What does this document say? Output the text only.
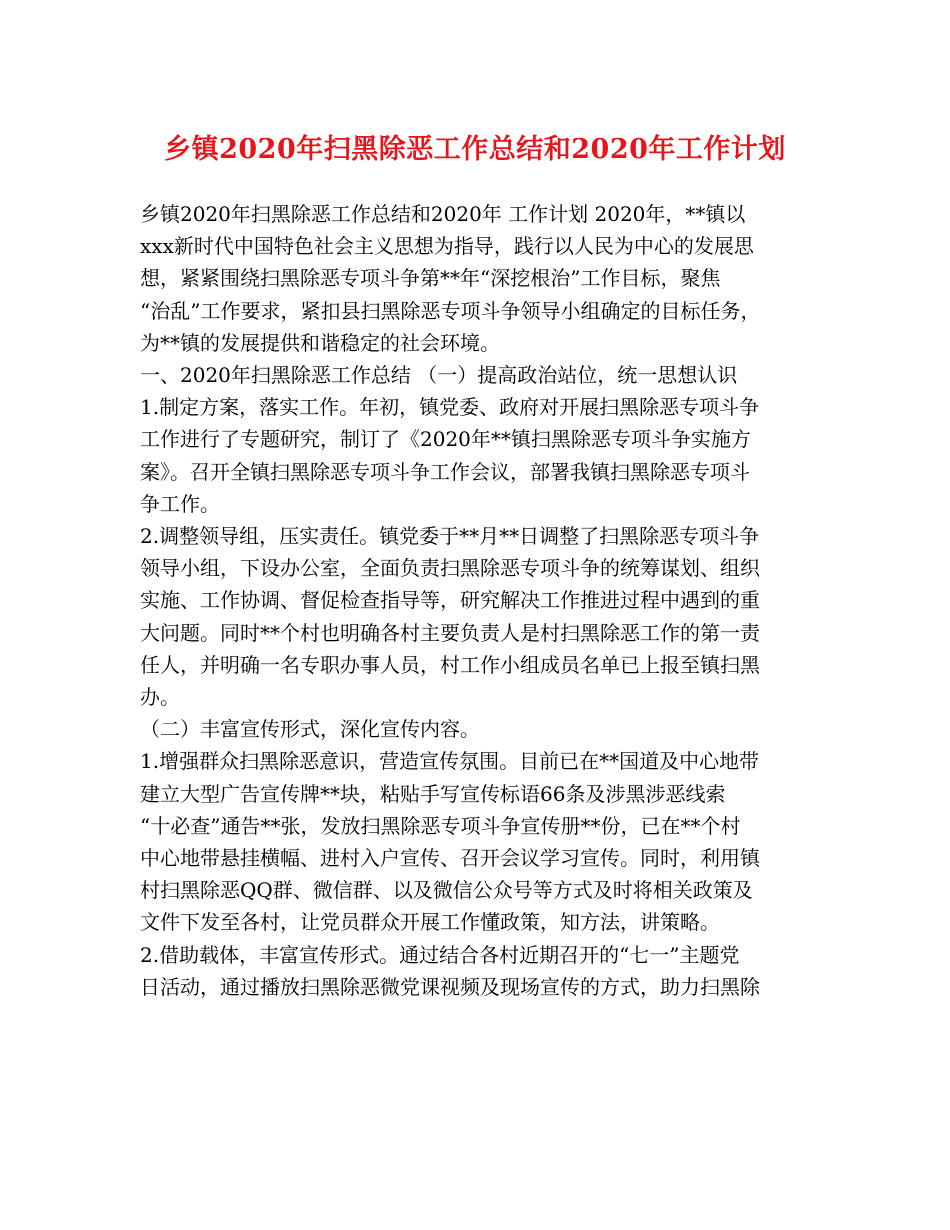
乡镇2020年扫黑除恶工作总结和2020年工作计划
乡镇2020年扫黑除恶工作总结和2020年 工作计划 2020年，**镇以
xxx新时代中国特色社会主义思想为指导，践行以人民为中心的发展思
想，紧紧围绕扫黑除恶专项斗争第**年“深挖根治”工作目标，聚焦
“治乱”工作要求，紧扣县扫黑除恶专项斗争领导小组确定的目标任务，
为**镇的发展提供和谐稳定的社会环境。
一、2020年扫黑除恶工作总结 （一）提高政治站位，统一思想认识
1.制定方案，落实工作。年初，镇党委、政府对开展扫黑除恶专项斗争
工作进行了专题研究，制订了《2020年**镇扫黑除恶专项斗争实施方
案》。召开全镇扫黑除恶专项斗争工作会议，部署我镇扫黑除恶专项斗
争工作。
2.调整领导组，压实责任。镇党委于**月**日调整了扫黑除恶专项斗争
领导小组，下设办公室，全面负责扫黑除恶专项斗争的统筹谋划、组织
实施、工作协调、督促检查指导等，研究解决工作推进过程中遇到的重
大问题。同时**个村也明确各村主要负责人是村扫黑除恶工作的第一责
任人，并明确一名专职办事人员，村工作小组成员名单已上报至镇扫黑
办。
（二）丰富宣传形式，深化宣传内容。
1.增强群众扫黑除恶意识，营造宣传氛围。目前已在**国道及中心地带
建立大型广告宣传牌**块，粘贴手写宣传标语66条及涉黑涉恶线索
“十必查”通告**张，发放扫黑除恶专项斗争宣传册**份，已在**个村
中心地带悬挂横幅、进村入户宣传、召开会议学习宣传。同时，利用镇
村扫黑除恶QQ群、微信群、以及微信公众号等方式及时将相关政策及
文件下发至各村，让党员群众开展工作懂政策，知方法，讲策略。
2.借助载体，丰富宣传形式。通过结合各村近期召开的“七一”主题党
日活动，通过播放扫黑除恶微党课视频及现场宣传的方式，助力扫黑除
